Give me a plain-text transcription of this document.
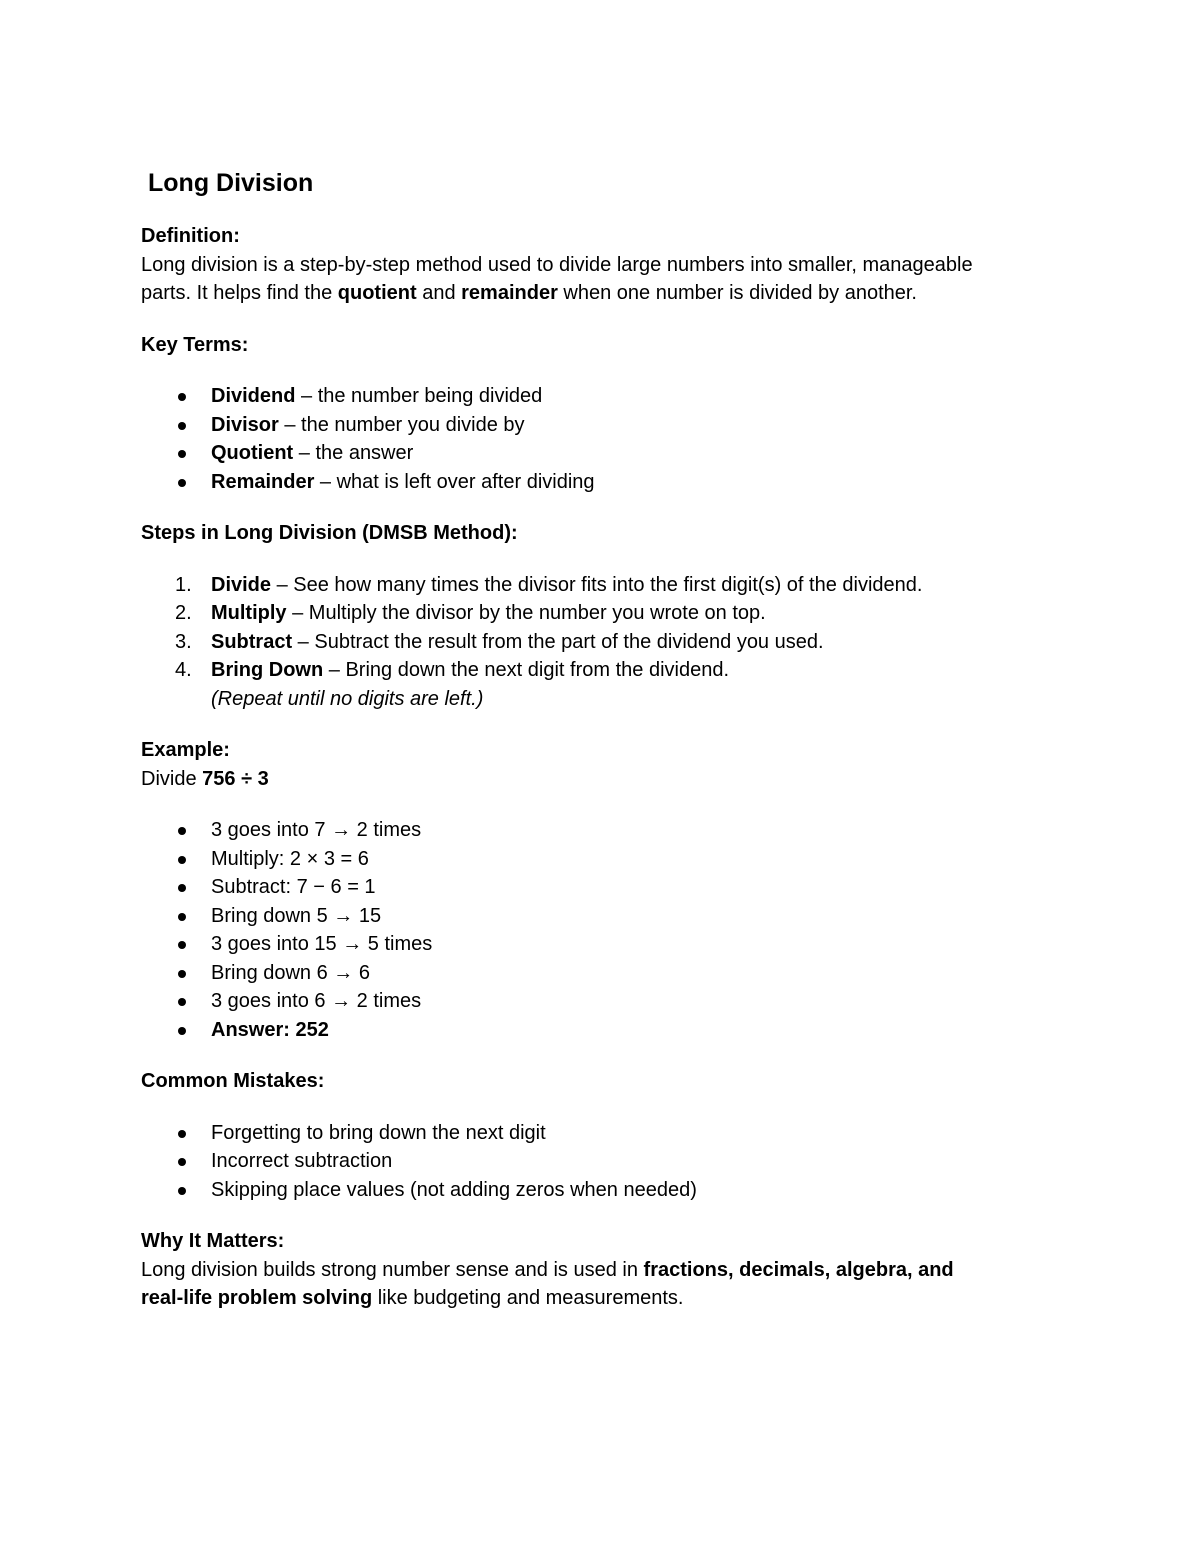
Long Division

Definition:

Long division is a step-by-step method used to divide large numbers into smaller, manageable

parts. It helps find the quotient and remainder when one number is divided by another.

Key Terms:

Dividend – the number being divided
Divisor – the number you divide by
Quotient – the answer
Remainder – what is left over after dividing

Steps in Long Division (DMSB Method):

1. Divide – See how many times the divisor fits into the first digit(s) of the dividend.
2. Multiply – Multiply the divisor by the number you wrote on top.
3. Subtract – Subtract the result from the part of the dividend you used.
4. Bring Down – Bring down the next digit from the dividend.

(Repeat until no digits are left.)

Example:

Divide 756 ÷ 3

3 goes into 7 → 2 times
Multiply: 2 × 3 = 6
Subtract: 7 − 6 = 1
Bring down 5 → 15
3 goes into 15 → 5 times
Bring down 6 → 6
3 goes into 6 → 2 times
Answer: 252

Common Mistakes:

Forgetting to bring down the next digit
Incorrect subtraction
Skipping place values (not adding zeros when needed)

Why It Matters:

Long division builds strong number sense and is used in fractions, decimals, algebra, and

real-life problem solving like budgeting and measurements.
